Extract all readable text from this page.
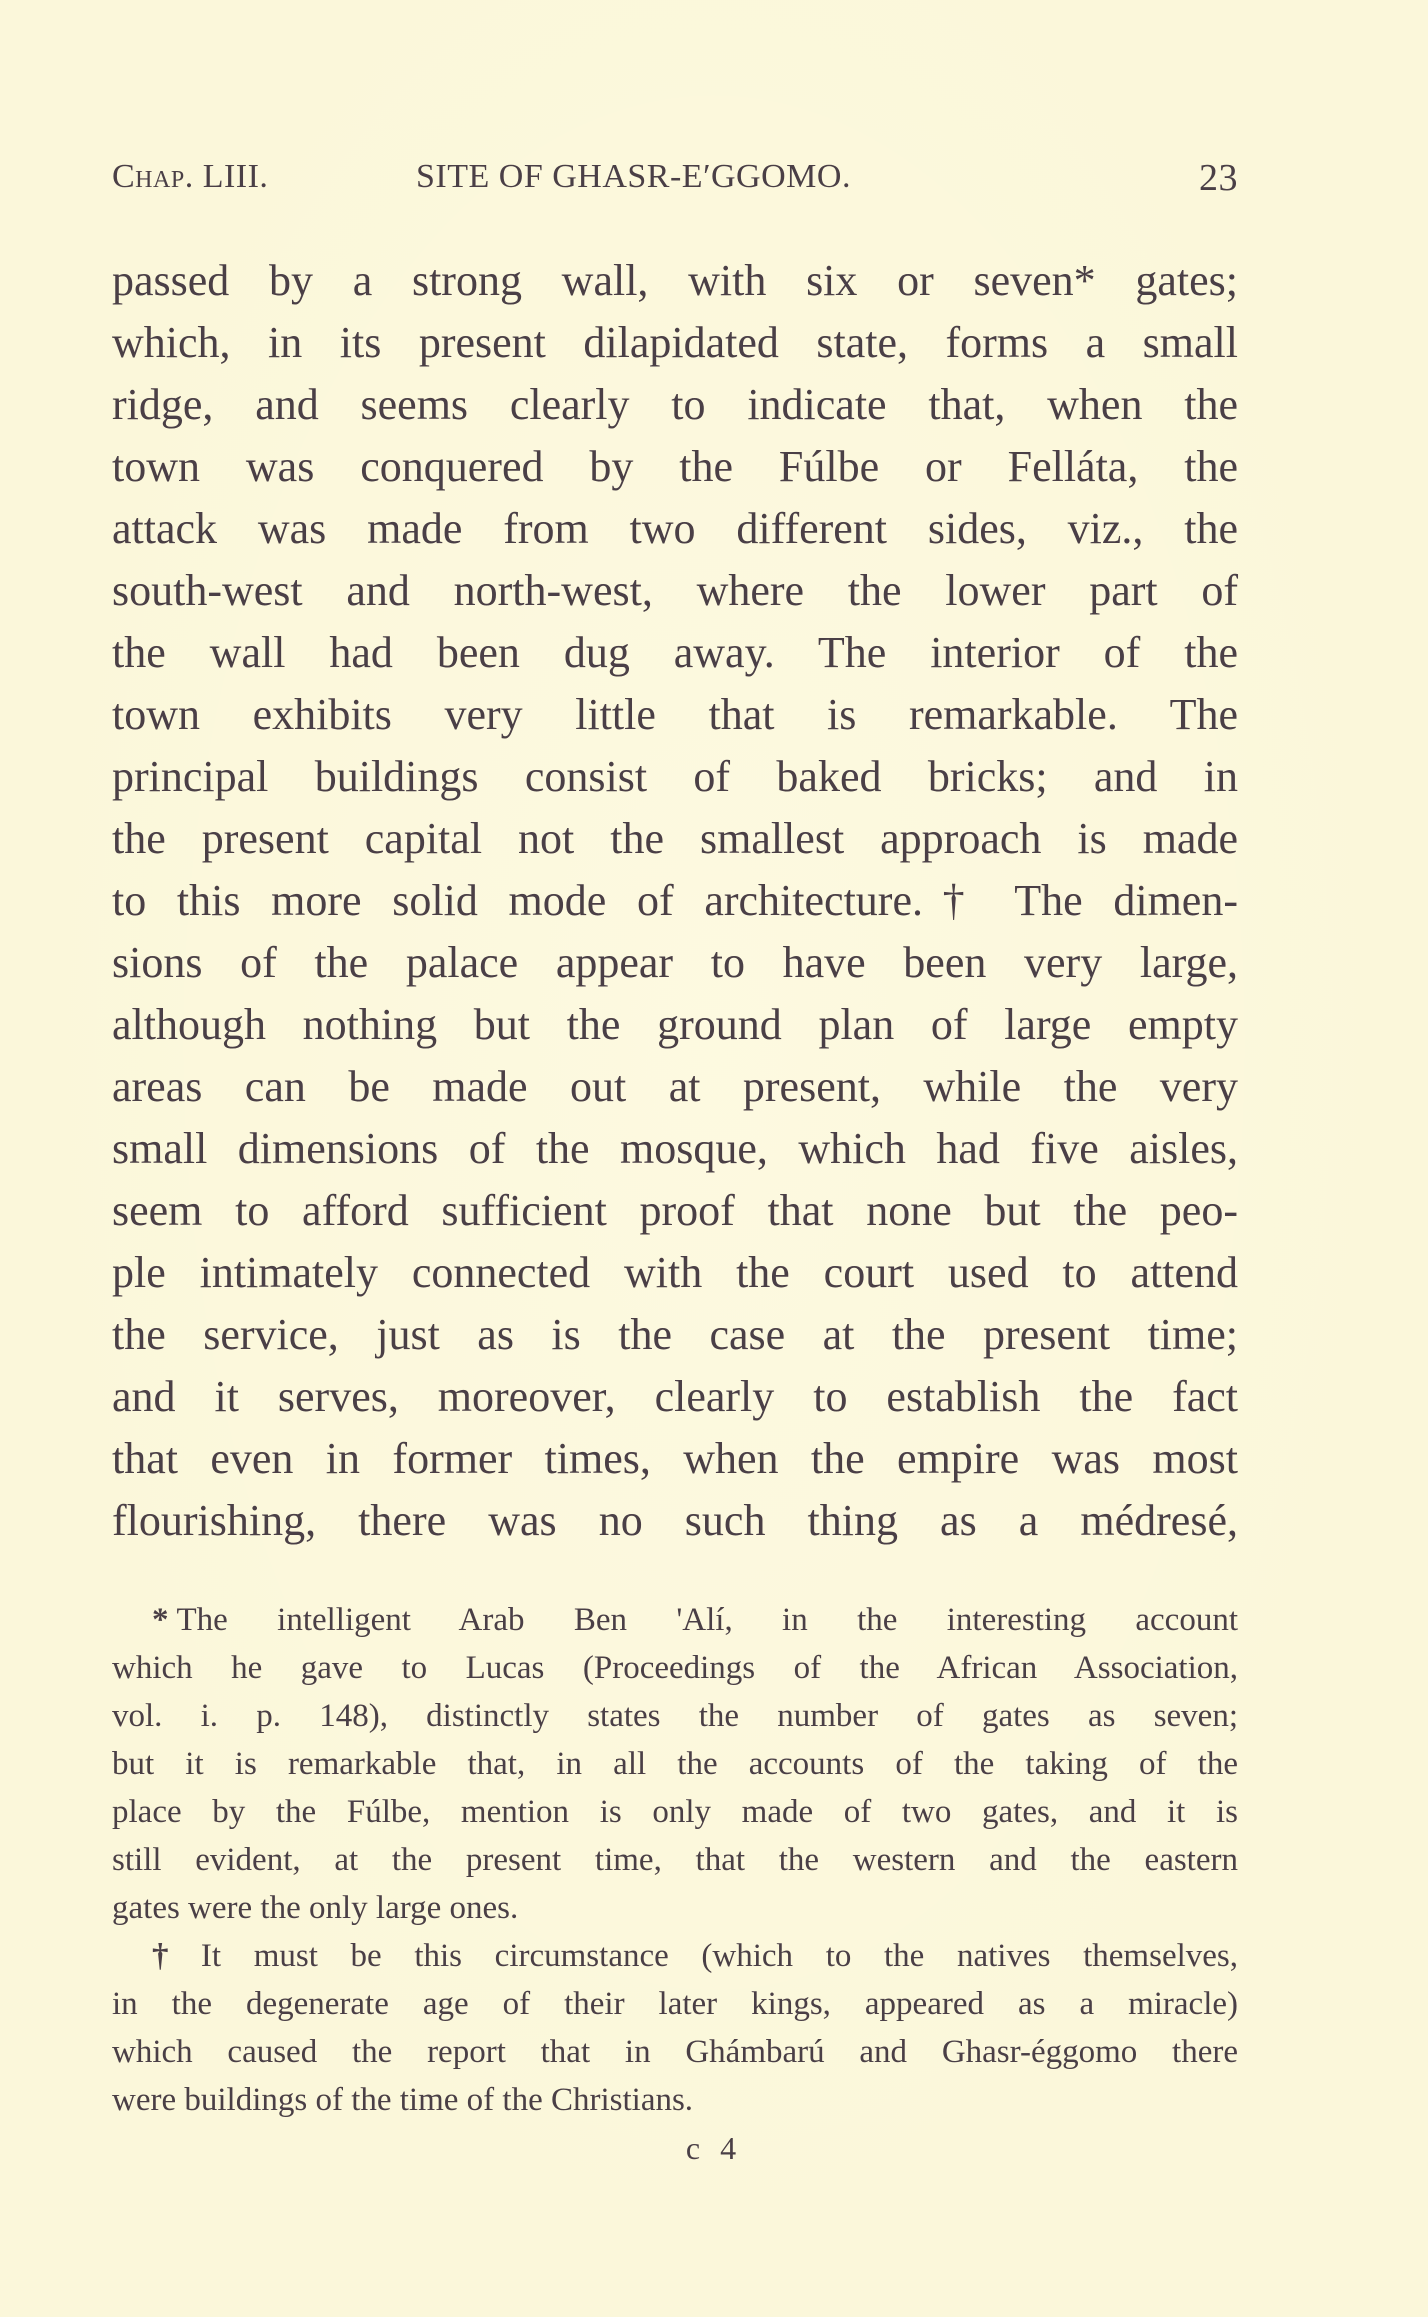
Chap. LIII.	SITE OF GHASR-E′GGOMO.	23
passed by a strong wall, with six or seven* gates;
which, in its present dilapidated state, forms a small
ridge, and seems clearly to indicate that, when the
town was conquered by the Fúlbe or Felláta, the
attack was made from two different sides, viz., the
south-west and north-west, where the lower part of
the wall had been dug away. The interior of the
town exhibits very little that is remarkable. The
principal buildings consist of baked bricks; and in
the present capital not the smallest approach is made
to this more solid mode of architecture.† The dimen-
sions of the palace appear to have been very large,
although nothing but the ground plan of large empty
areas can be made out at present, while the very
small dimensions of the mosque, which had five aisles,
seem to afford sufficient proof that none but the peo-
ple intimately connected with the court used to attend
the service, just as is the case at the present time;
and it serves, moreover, clearly to establish the fact
that even in former times, when the empire was most
flourishing, there was no such thing as a médresé,
* The intelligent Arab Ben 'Alí, in the interesting account
which he gave to Lucas (Proceedings of the African Association,
vol. i. p. 148), distinctly states the number of gates as seven;
but it is remarkable that, in all the accounts of the taking of the
place by the Fúlbe, mention is only made of two gates, and it is
still evident, at the present time, that the western and the eastern
gates were the only large ones.
† It must be this circumstance (which to the natives themselves,
in the degenerate age of their later kings, appeared as a miracle)
which caused the report that in Ghámbarú and Ghasr-éggomo there
were buildings of the time of the Christians.
c 4
